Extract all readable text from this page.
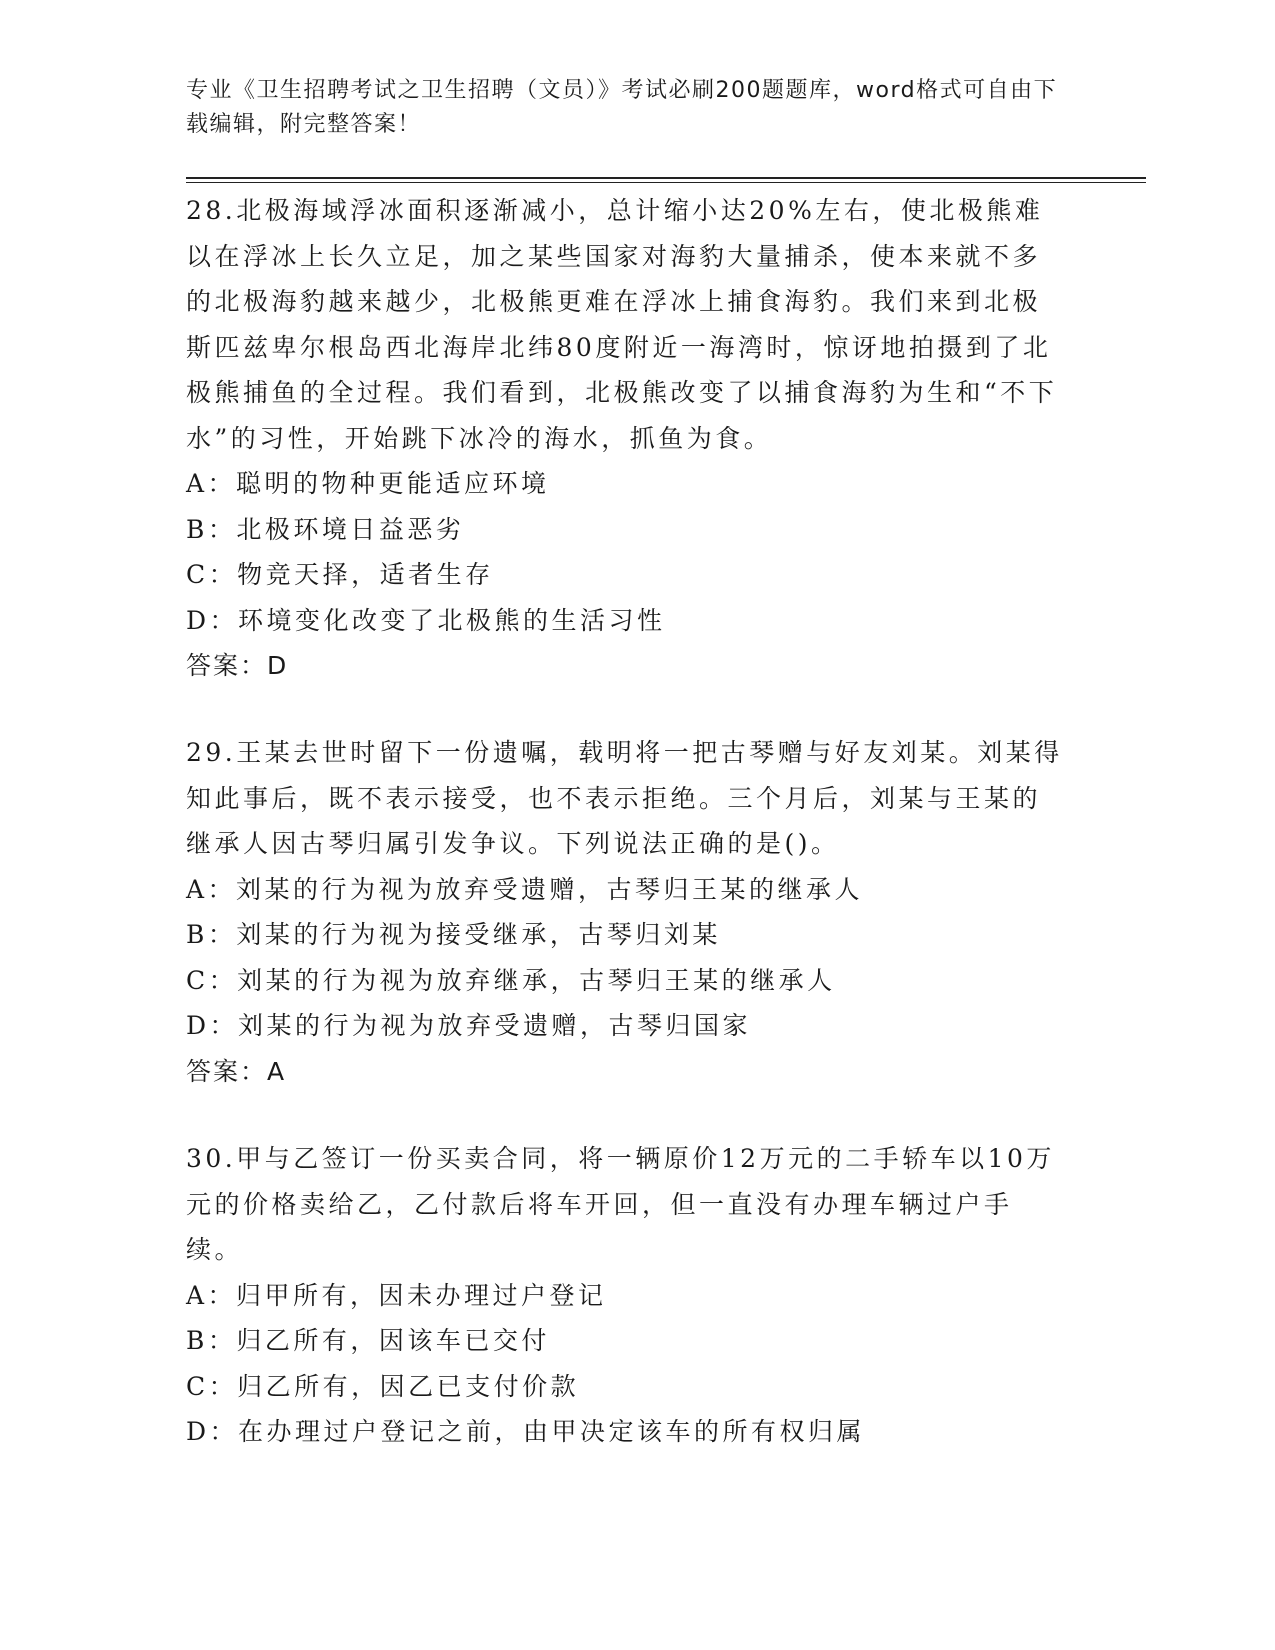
专业《卫生招聘考试之卫生招聘（文员）》考试必刷200题题库，word格式可自由下载编辑，附完整答案！

28.北极海域浮冰面积逐渐减小，总计缩小达20%左右，使北极熊难以在浮冰上长久立足，加之某些国家对海豹大量捕杀，使本来就不多的北极海豹越来越少，北极熊更难在浮冰上捕食海豹。我们来到北极斯匹兹卑尔根岛西北海岸北纬80度附近一海湾时，惊讶地拍摄到了北极熊捕鱼的全过程。我们看到，北极熊改变了以捕食海豹为生和“不下水”的习性，开始跳下冰冷的海水，抓鱼为食。

A：聪明的物种更能适应环境

B：北极环境日益恶劣

C：物竞天择，适者生存

D：环境变化改变了北极熊的生活习性

答案：D

29.王某去世时留下一份遗嘱，载明将一把古琴赠与好友刘某。刘某得知此事后，既不表示接受，也不表示拒绝。三个月后，刘某与王某的继承人因古琴归属引发争议。下列说法正确的是()。

A：刘某的行为视为放弃受遗赠，古琴归王某的继承人

B：刘某的行为视为接受继承，古琴归刘某

C：刘某的行为视为放弃继承，古琴归王某的继承人

D：刘某的行为视为放弃受遗赠，古琴归国家

答案：A

30.甲与乙签订一份买卖合同，将一辆原价12万元的二手轿车以10万元的价格卖给乙，乙付款后将车开回，但一直没有办理车辆过户手续。

A：归甲所有，因未办理过户登记

B：归乙所有，因该车已交付

C：归乙所有，因乙已支付价款

D：在办理过户登记之前，由甲决定该车的所有权归属
